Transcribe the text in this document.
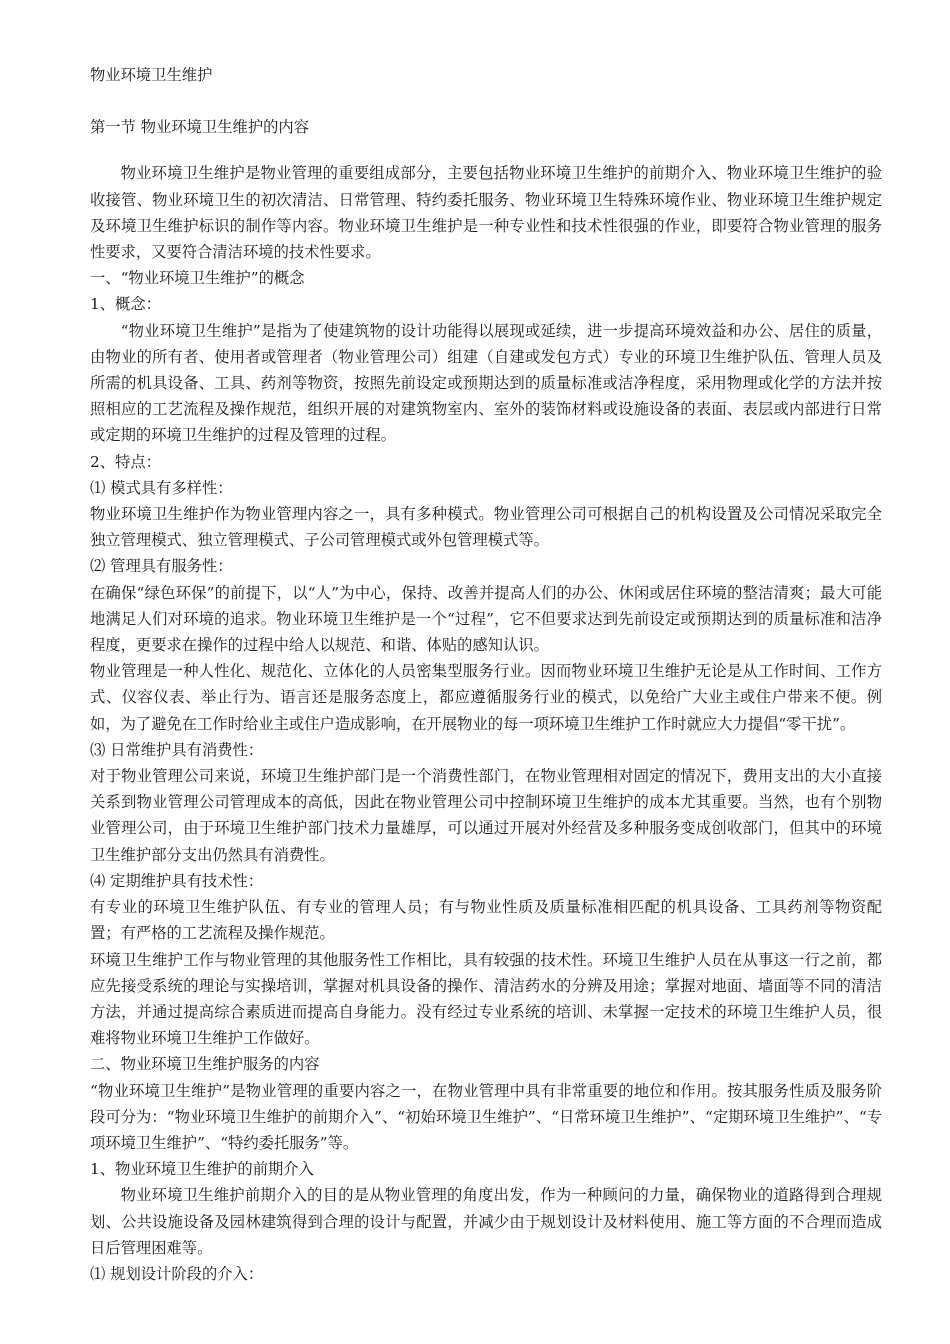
物业环境卫生维护

第一节 物业环境卫生维护的内容

物业环境卫生维护是物业管理的重要组成部分，主要包括物业环境卫生维护的前期介入、物业环境卫生维护的验收接管、物业环境卫生的初次清洁、日常管理、特约委托服务、物业环境卫生特殊环境作业、物业环境卫生维护规定及环境卫生维护标识的制作等内容。物业环境卫生维护是一种专业性和技术性很强的作业，即要符合物业管理的服务性要求，又要符合清洁环境的技术性要求。

一、“物业环境卫生维护”的概念

1、概念：

“物业环境卫生维护”是指为了使建筑物的设计功能得以展现或延续，进一步提高环境效益和办公、居住的质量，由物业的所有者、使用者或管理者（物业管理公司）组建（自建或发包方式）专业的环境卫生维护队伍、管理人员及所需的机具设备、工具、药剂等物资，按照先前设定或预期达到的质量标准或洁净程度，采用物理或化学的方法并按照相应的工艺流程及操作规范，组织开展的对建筑物室内、室外的装饰材料或设施设备的表面、表层或内部进行日常或定期的环境卫生维护的过程及管理的过程。

2、特点：

⑴ 模式具有多样性：

物业环境卫生维护作为物业管理内容之一，具有多种模式。物业管理公司可根据自己的机构设置及公司情况采取完全独立管理模式、独立管理模式、子公司管理模式或外包管理模式等。

⑵ 管理具有服务性：

在确保“绿色环保”的前提下，以“人”为中心，保持、改善并提高人们的办公、休闲或居住环境的整洁清爽；最大可能地满足人们对环境的追求。物业环境卫生维护是一个“过程”，它不但要求达到先前设定或预期达到的质量标准和洁净程度，更要求在操作的过程中给人以规范、和谐、体贴的感知认识。

物业管理是一种人性化、规范化、立体化的人员密集型服务行业。因而物业环境卫生维护无论是从工作时间、工作方式、仪容仪表、举止行为、语言还是服务态度上，都应遵循服务行业的模式，以免给广大业主或住户带来不便。例如，为了避免在工作时给业主或住户造成影响，在开展物业的每一项环境卫生维护工作时就应大力提倡“零干扰”。

⑶ 日常维护具有消费性：

对于物业管理公司来说，环境卫生维护部门是一个消费性部门，在物业管理相对固定的情况下，费用支出的大小直接关系到物业管理公司管理成本的高低，因此在物业管理公司中控制环境卫生维护的成本尤其重要。当然，也有个别物业管理公司，由于环境卫生维护部门技术力量雄厚，可以通过开展对外经营及多种服务变成创收部门，但其中的环境卫生维护部分支出仍然具有消费性。

⑷ 定期维护具有技术性：

有专业的环境卫生维护队伍、有专业的管理人员；有与物业性质及质量标准相匹配的机具设备、工具药剂等物资配置；有严格的工艺流程及操作规范。

环境卫生维护工作与物业管理的其他服务性工作相比，具有较强的技术性。环境卫生维护人员在从事这一行之前，都应先接受系统的理论与实操培训，掌握对机具设备的操作、清洁药水的分辨及用途；掌握对地面、墙面等不同的清洁方法，并通过提高综合素质进而提高自身能力。没有经过专业系统的培训、未掌握一定技术的环境卫生维护人员，很难将物业环境卫生维护工作做好。

二、物业环境卫生维护服务的内容

“物业环境卫生维护”是物业管理的重要内容之一，在物业管理中具有非常重要的地位和作用。按其服务性质及服务阶段可分为：“物业环境卫生维护的前期介入”、“初始环境卫生维护”、“日常环境卫生维护”、“定期环境卫生维护”、“专项环境卫生维护”、“特约委托服务”等。

1、物业环境卫生维护的前期介入

物业环境卫生维护前期介入的目的是从物业管理的角度出发，作为一种顾问的力量，确保物业的道路得到合理规划、公共设施设备及园林建筑得到合理的设计与配置，并减少由于规划设计及材料使用、施工等方面的不合理而造成日后管理困难等。

⑴ 规划设计阶段的介入：
